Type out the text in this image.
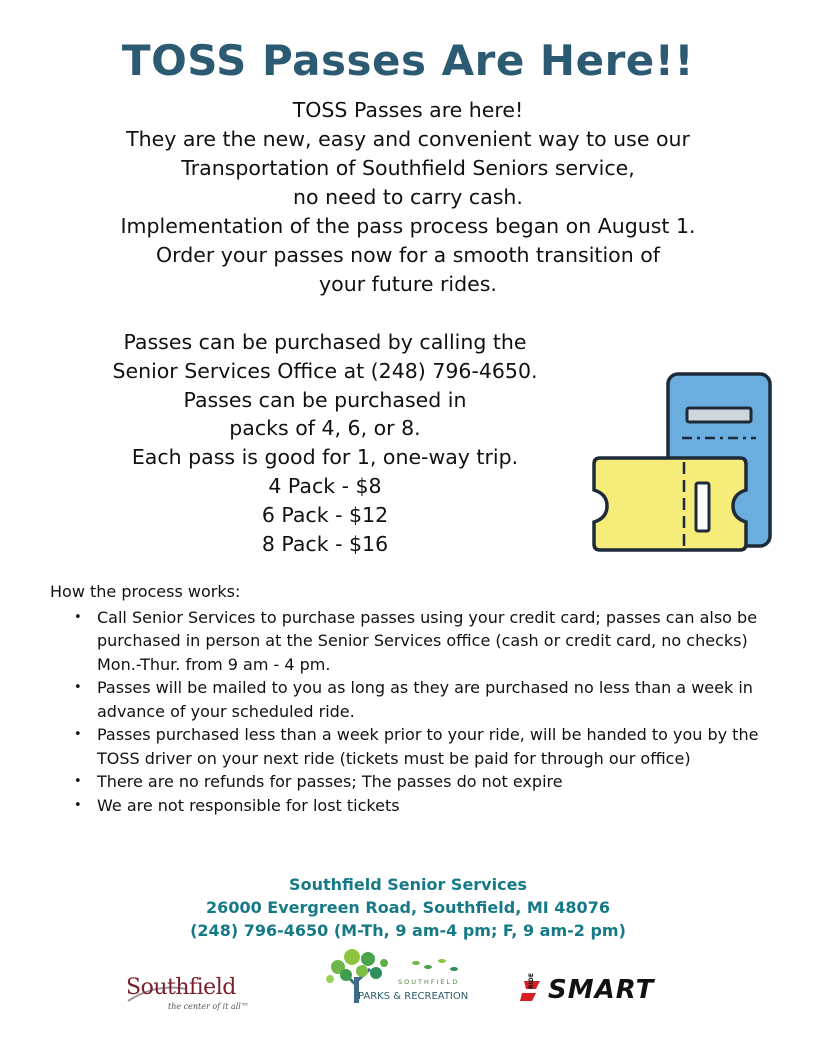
TOSS Passes Are Here!!
TOSS Passes are here!
They are the new, easy and convenient way to use our
Transportation of Southfield Seniors service,
no need to carry cash.
Implementation of the pass process began on August 1.
Order your passes now for a smooth transition of
your future rides.
Passes can be purchased by calling the
Senior Services Office at (248) 796-4650.
Passes can be purchased in
packs of 4, 6, or 8.
Each pass is good for 1, one-way trip.
4 Pack - $8
6 Pack - $12
8 Pack - $16
How the process works:
• Call Senior Services to purchase passes using your credit card; passes can also be purchased in person at the Senior Services office (cash or credit card, no checks) Mon.-Thur. from 9 am - 4 pm.
• Passes will be mailed to you as long as they are purchased no less than a week in advance of your scheduled ride.
• Passes purchased less than a week prior to your ride, will be handed to you by the TOSS driver on your next ride (tickets must be paid for through our office)
• There are no refunds for passes; The passes do not expire
• We are not responsible for lost tickets
Southfield Senior Services
26000 Evergreen Road, Southfield, MI 48076
(248) 796-4650 (M-Th, 9 am-4 pm; F, 9 am-2 pm)
Southfield
the center of it all™
SOUTHFIELD
PARKS & RECREATION
RIDE SMART
